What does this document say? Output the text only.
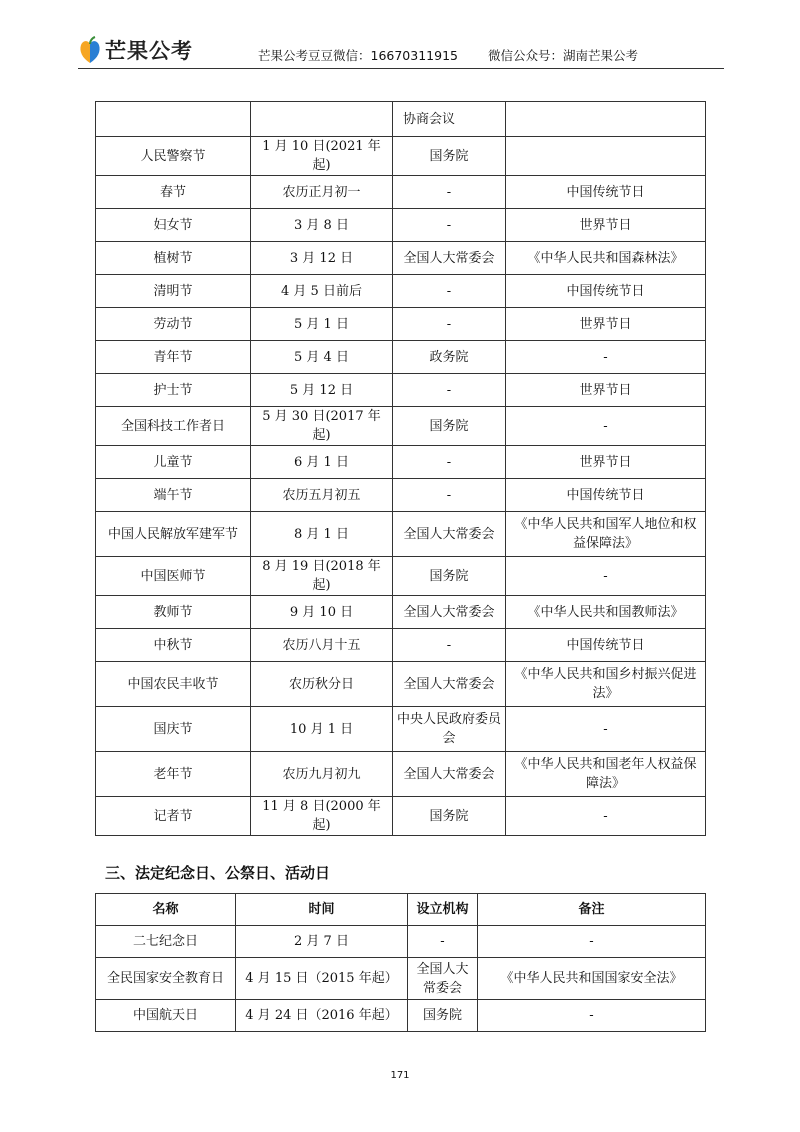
芒果公考	芒果公考豆豆微信：16670311915 微信公众号：湖南芒果公考
		协商会议	
人民警察节	1 月 10 日(2021 年起)	国务院	
春节	农历正月初一	-	中国传统节日
妇女节	3 月 8 日	-	世界节日
植树节	3 月 12 日	全国人大常委会	《中华人民共和国森林法》
清明节	4 月 5 日前后	-	中国传统节日
劳动节	5 月 1 日	-	世界节日
青年节	5 月 4 日	政务院	-
护士节	5 月 12 日	-	世界节日
全国科技工作者日	5 月 30 日(2017 年起)	国务院	-
儿童节	6 月 1 日	-	世界节日
端午节	农历五月初五	-	中国传统节日
中国人民解放军建军节	8 月 1 日	全国人大常委会	《中华人民共和国军人地位和权益保障法》
中国医师节	8 月 19 日(2018 年起)	国务院	-
教师节	9 月 10 日	全国人大常委会	《中华人民共和国教师法》
中秋节	农历八月十五	-	中国传统节日
中国农民丰收节	农历秋分日	全国人大常委会	《中华人民共和国乡村振兴促进法》
国庆节	10 月 1 日	中央人民政府委员会	-
老年节	农历九月初九	全国人大常委会	《中华人民共和国老年人权益保障法》
记者节	11 月 8 日(2000 年起)	国务院	-
三、法定纪念日、公祭日、活动日
名称	时间	设立机构	备注
二七纪念日	2 月 7 日	-	-
全民国家安全教育日	4 月 15 日（2015 年起）	全国人大常委会	《中华人民共和国国家安全法》
中国航天日	4 月 24 日（2016 年起）	国务院	-
171
